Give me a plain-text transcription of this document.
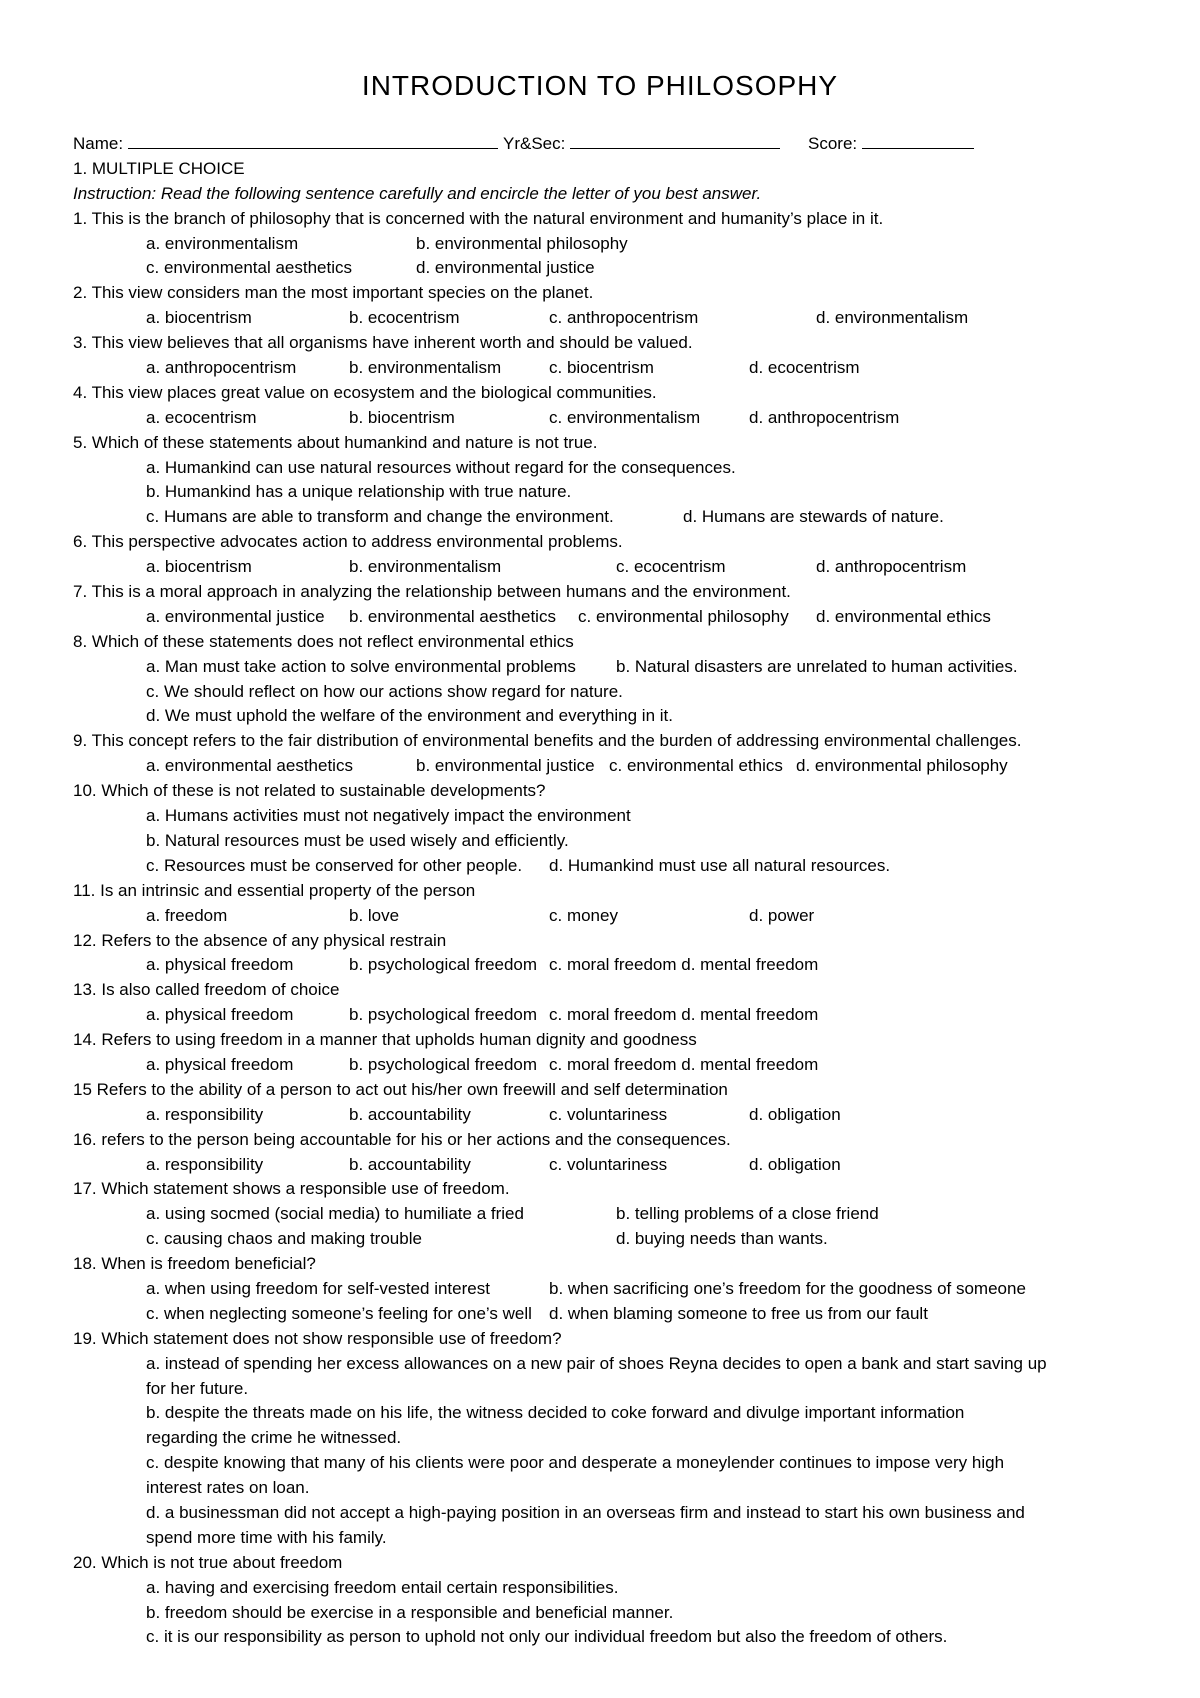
INTRODUCTION TO PHILOSOPHY
Name:	Yr&Sec:	Score:
1. MULTIPLE CHOICE
Instruction: Read the following sentence carefully and encircle the letter of you best answer.
1. This is the branch of philosophy that is concerned with the natural environment and humanity’s place in it.
a. environmentalism	b. environmental philosophy
c. environmental aesthetics	d. environmental justice
2. This view considers man the most important species on the planet.
a. biocentrism	b. ecocentrism	c. anthropocentrism	d. environmentalism
3. This view believes that all organisms have inherent worth and should be valued.
a. anthropocentrism	b. environmentalism	c. biocentrism	d. ecocentrism
4. This view places great value on ecosystem and the biological communities.
a. ecocentrism	b. biocentrism	c. environmentalism	d. anthropocentrism
5. Which of these statements about humankind and nature is not true.
a. Humankind can use natural resources without regard for the consequences.
b. Humankind has a unique relationship with true nature.
c. Humans are able to transform and change the environment.	d. Humans are stewards of nature.
6. This perspective advocates action to address environmental problems.
a. biocentrism	b. environmentalism	c. ecocentrism	d. anthropocentrism
7. This is a moral approach in analyzing the relationship between humans and the environment.
a. environmental justice b. environmental aesthetics c. environmental philosophy d. environmental ethics
8. Which of these statements does not reflect environmental ethics
a. Man must take action to solve environmental problems b. Natural disasters are unrelated to human activities.
c. We should reflect on how our actions show regard for nature.
d. We must uphold the welfare of the environment and everything in it.
9. This concept refers to the fair distribution of environmental benefits and the burden of addressing environmental challenges.
a. environmental aesthetics	b. environmental justice c. environmental ethics d. environmental philosophy
10. Which of these is not related to sustainable developments?
a. Humans activities must not negatively impact the environment
b. Natural resources must be used wisely and efficiently.
c. Resources must be conserved for other people. d. Humankind must use all natural resources.
11. Is an intrinsic and essential property of the person
a. freedom	b. love	c. money	d. power
12. Refers to the absence of any physical restrain
a. physical freedom	b. psychological freedom c. moral freedom d. mental freedom
13. Is also called freedom of choice
a. physical freedom	b. psychological freedom c. moral freedom d. mental freedom
14. Refers to using freedom in a manner that upholds human dignity and goodness
a. physical freedom	b. psychological freedom c. moral freedom d. mental freedom
15 Refers to the ability of a person to act out his/her own freewill and self determination
a. responsibility	b. accountability	c. voluntariness	d. obligation
16. refers to the person being accountable for his or her actions and the consequences.
a. responsibility	b. accountability	c. voluntariness	d. obligation
17. Which statement shows a responsible use of freedom.
a. using socmed (social media) to humiliate a fried	b. telling problems of a close friend
c. causing chaos and making trouble	d. buying needs than wants.
18. When is freedom beneficial?
a. when using freedom for self-vested interest	b. when sacrificing one’s freedom for the goodness of someone
c. when neglecting someone’s feeling for one’s well d. when blaming someone to free us from our fault
19. Which statement does not show responsible use of freedom?
a. instead of spending her excess allowances on a new pair of shoes Reyna decides to open a bank and start saving up
for her future.
b. despite the threats made on his life, the witness decided to coke forward and divulge important information
regarding the crime he witnessed.
c. despite knowing that many of his clients were poor and desperate a moneylender continues to impose very high
interest rates on loan.
d. a businessman did not accept a high-paying position in an overseas firm and instead to start his own business and
spend more time with his family.
20. Which is not true about freedom
a. having and exercising freedom entail certain responsibilities.
b. freedom should be exercise in a responsible and beneficial manner.
c. it is our responsibility as person to uphold not only our individual freedom but also the freedom of others.
